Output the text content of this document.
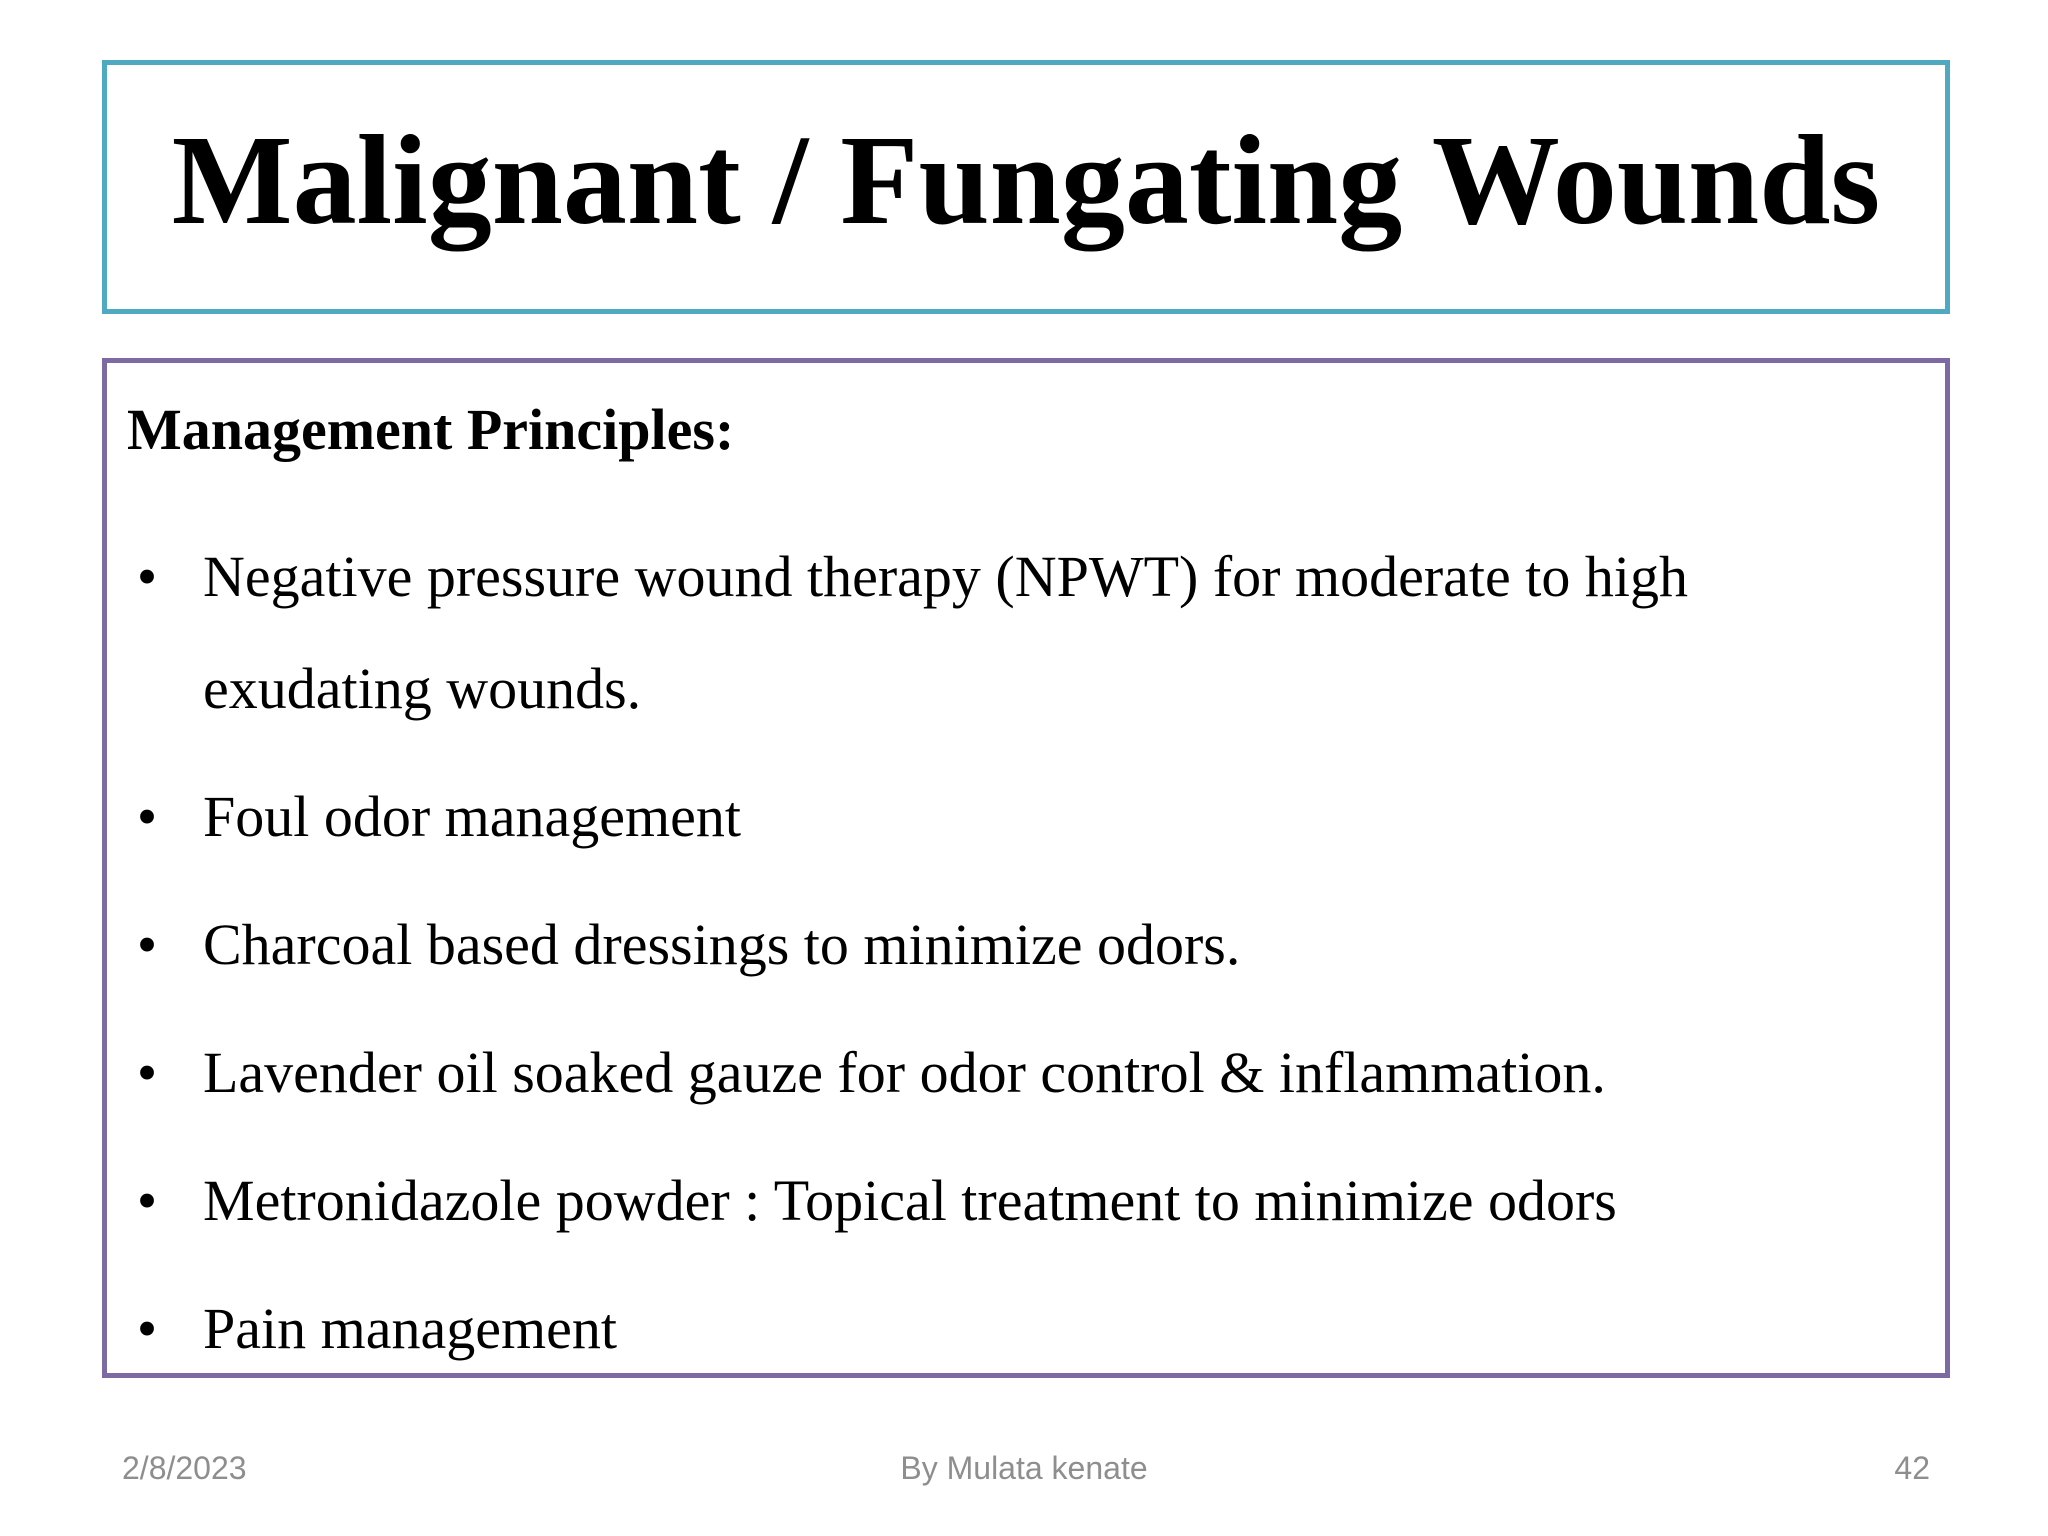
Malignant / Fungating Wounds
Management Principles:
• Negative pressure wound therapy (NPWT) for moderate to high exudating wounds.
• Foul odor management
• Charcoal based dressings to minimize odors.
• Lavender oil soaked gauze for odor control & inflammation.
• Metronidazole powder : Topical treatment to minimize odors
• Pain management
2/8/2023	By Mulata kenate	42
